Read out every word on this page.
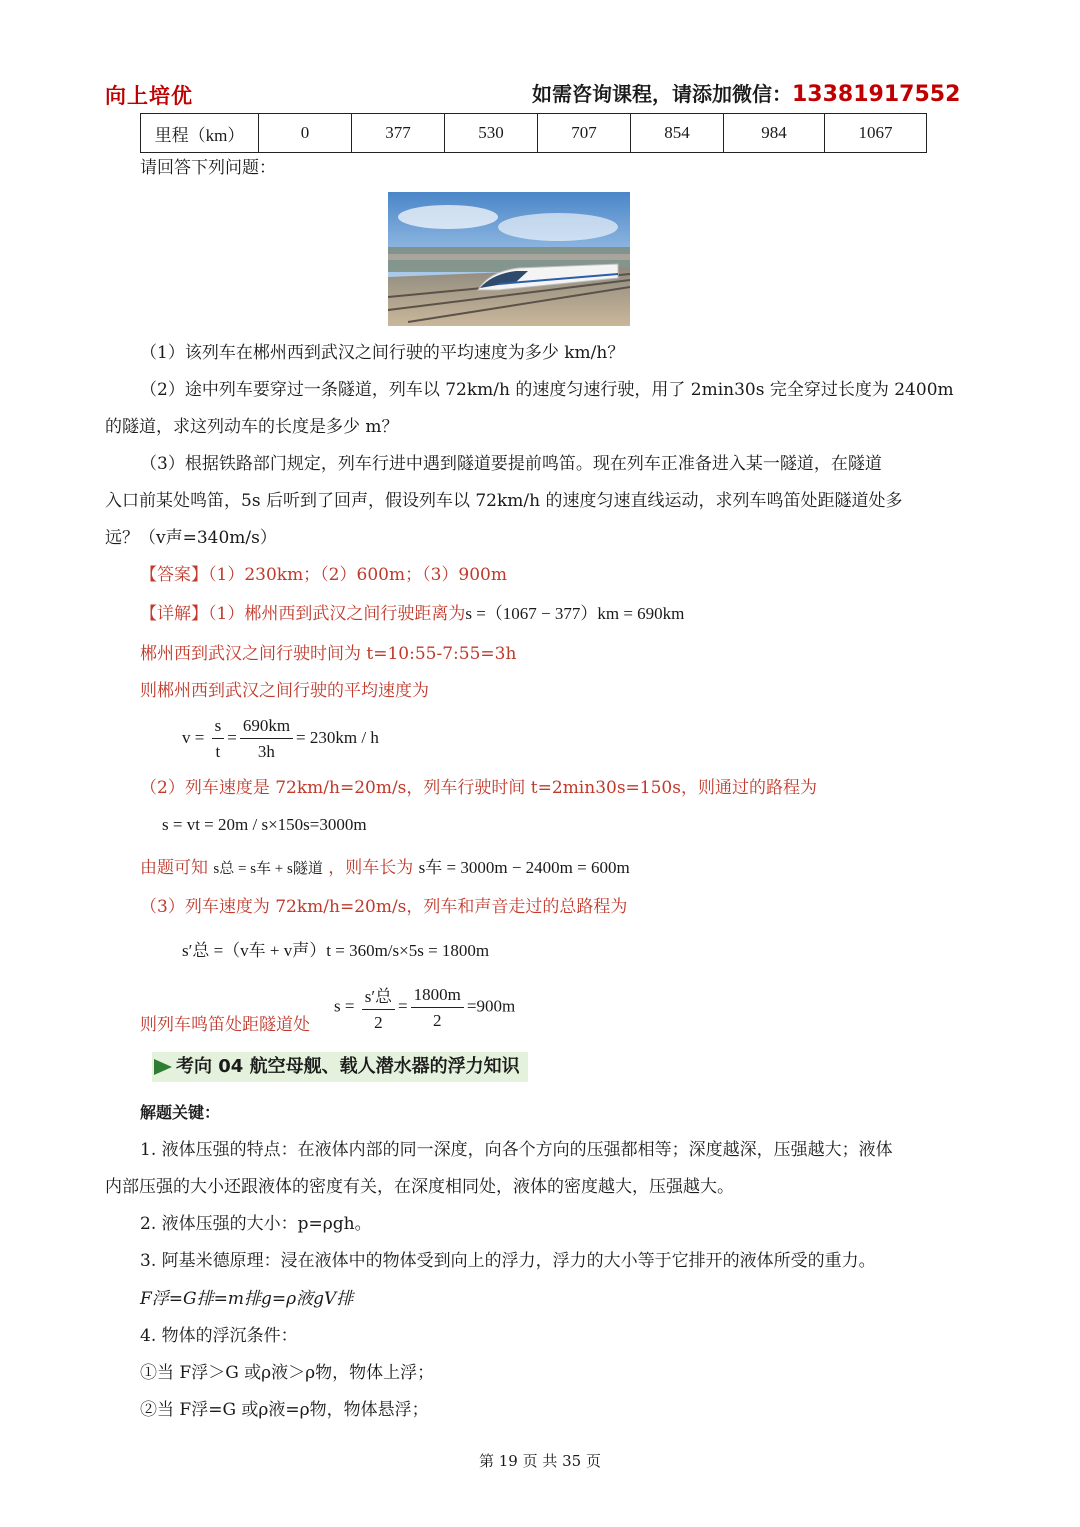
向上培优	如需咨询课程，请添加微信：13381917552
里程（km）	0	377	530	707	854	984	1067
请回答下列问题：
（1）该列车在郴州西到武汉之间行驶的平均速度为多少 km/h？
（2）途中列车要穿过一条隧道，列车以 72km/h 的速度匀速行驶，用了 2min30s 完全穿过长度为 2400m
的隧道，求这列动车的长度是多少 m？
（3）根据铁路部门规定，列车行进中遇到隧道要提前鸣笛。现在列车正准备进入某一隧道，在隧道
入口前某处鸣笛，5s 后听到了回声，假设列车以 72km/h 的速度匀速直线运动，求列车鸣笛处距隧道处多
远？（v声=340m/s）
【答案】（1）230km；（2）600m；（3）900m
【详解】（1）郴州西到武汉之间行驶距离为s =（1067 − 377）km = 690km
郴州西到武汉之间行驶时间为 t=10:55-7:55=3h
则郴州西到武汉之间行驶的平均速度为
$v = \frac{s}{t} = \frac{690km}{3h} = 230km / h$
（2）列车速度是 72km/h=20m/s，列车行驶时间 t=2min30s=150s，则通过的路程为
s = vt = 20m / s×150s=3000m
由题可知 s总 = s车 + s隧道 ，则车长为 s车 = 3000m − 2400m = 600m
（3）列车速度为 72km/h=20m/s，列车和声音走过的总路程为
s′总 =（v车 + v声）t = 360m/s×5s = 1800m
则列车鸣笛处距隧道处
$s = \frac{\text{s′总}}{2} = \frac{1800m}{2} =900m$
考向 04 航空母舰、载人潜水器的浮力知识
解题关键：
1. 液体压强的特点：在液体内部的同一深度，向各个方向的压强都相等；深度越深，压强越大；液体
内部压强的大小还跟液体的密度有关，在深度相同处，液体的密度越大，压强越大。
2. 液体压强的大小：p=ρgh。
3. 阿基米德原理：浸在液体中的物体受到向上的浮力，浮力的大小等于它排开的液体所受的重力。
F浮=G排=m排g=ρ液gV排
4. 物体的浮沉条件：
①当 F浮＞G 或ρ液＞ρ物，物体上浮；
②当 F浮=G 或ρ液=ρ物，物体悬浮；
第 19 页 共 35 页
